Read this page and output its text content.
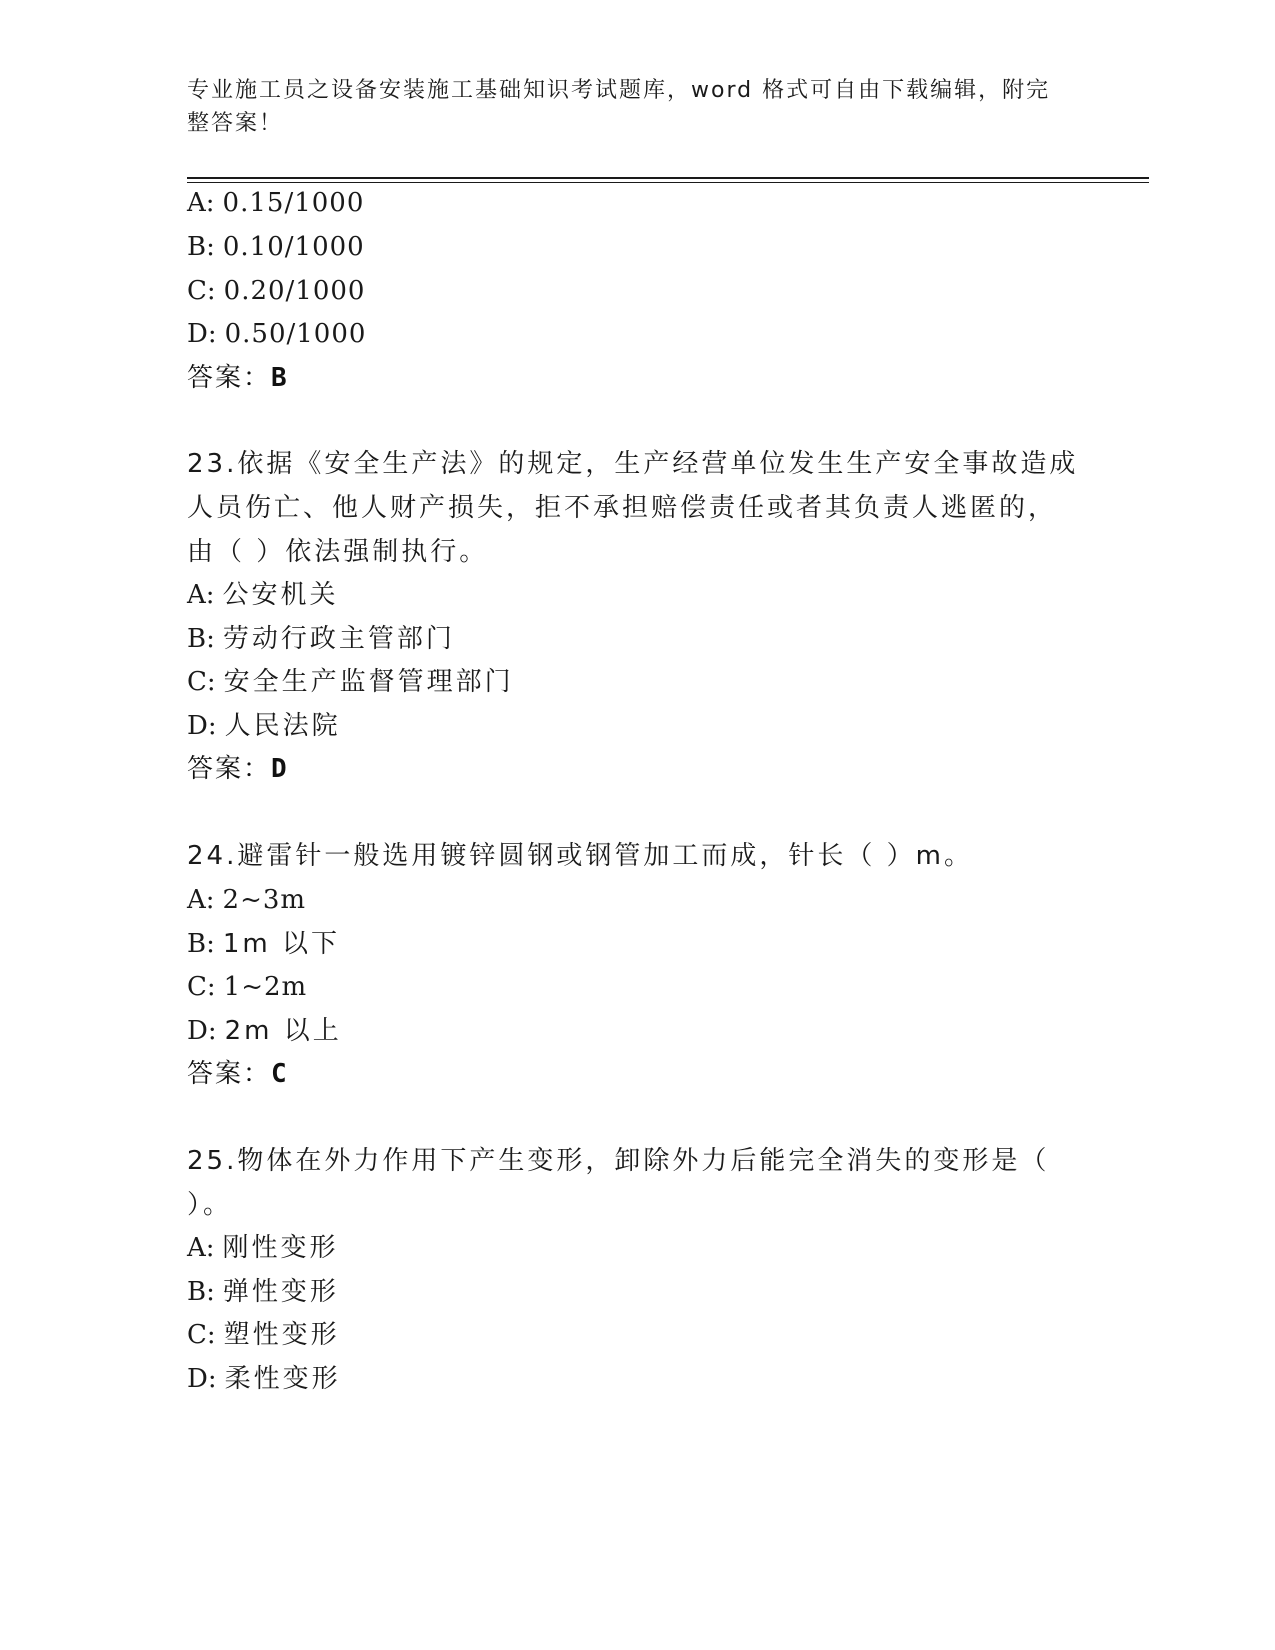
专业施工员之设备安装施工基础知识考试题库，word 格式可自由下载编辑，附完整答案！
A: 0.15/1000
B: 0.10/1000
C: 0.20/1000
D: 0.50/1000
答案：B
23.依据《安全生产法》的规定，生产经营单位发生生产安全事故造成
人员伤亡、他人财产损失，拒不承担赔偿责任或者其负责人逃匿的，
由（ ）依法强制执行。
A: 公安机关
B: 劳动行政主管部门
C: 安全生产监督管理部门
D: 人民法院
答案：D
24.避雷针一般选用镀锌圆钢或钢管加工而成，针长（ ）m。
A: 2~3m
B: 1m 以下
C: 1~2m
D: 2m 以上
答案：C
25.物体在外力作用下产生变形，卸除外力后能完全消失的变形是（
）。
A: 刚性变形
B: 弹性变形
C: 塑性变形
D: 柔性变形
